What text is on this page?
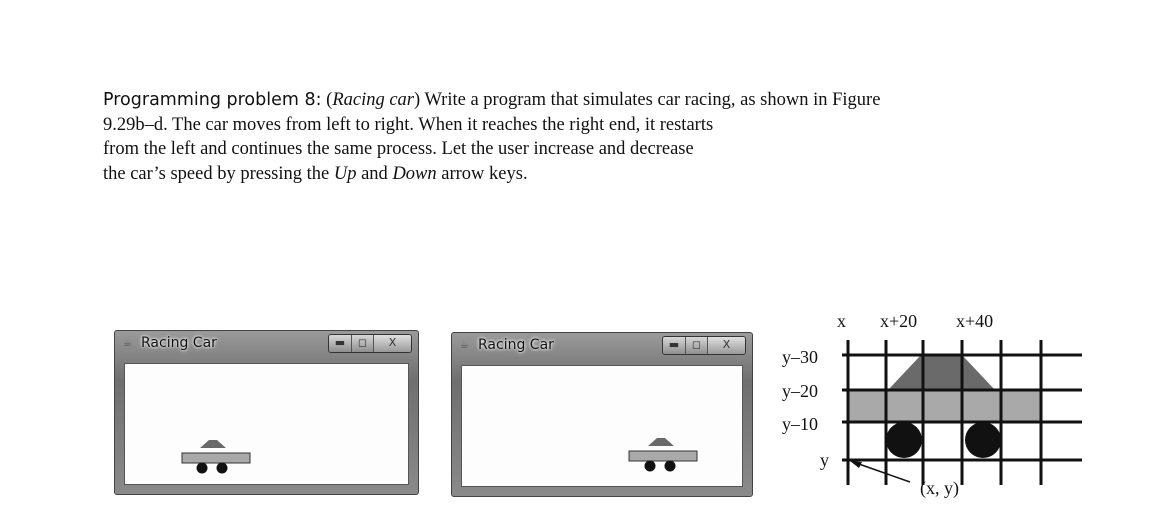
Programming problem 8: (Racing car) Write a program that simulates car racing, as shown in Figure
9.29b–d. The car moves from left to right. When it reaches the right end, it restarts
from the left and continues the same process. Let the user increase and decrease
the car’s speed by pressing the Up and Down arrow keys.
☕ Racing Car	▬	◻	X	☕ Racing Car	▬	◻	X
x x+20 x+40
y–30
y–20
y–10
y
(x, y)
